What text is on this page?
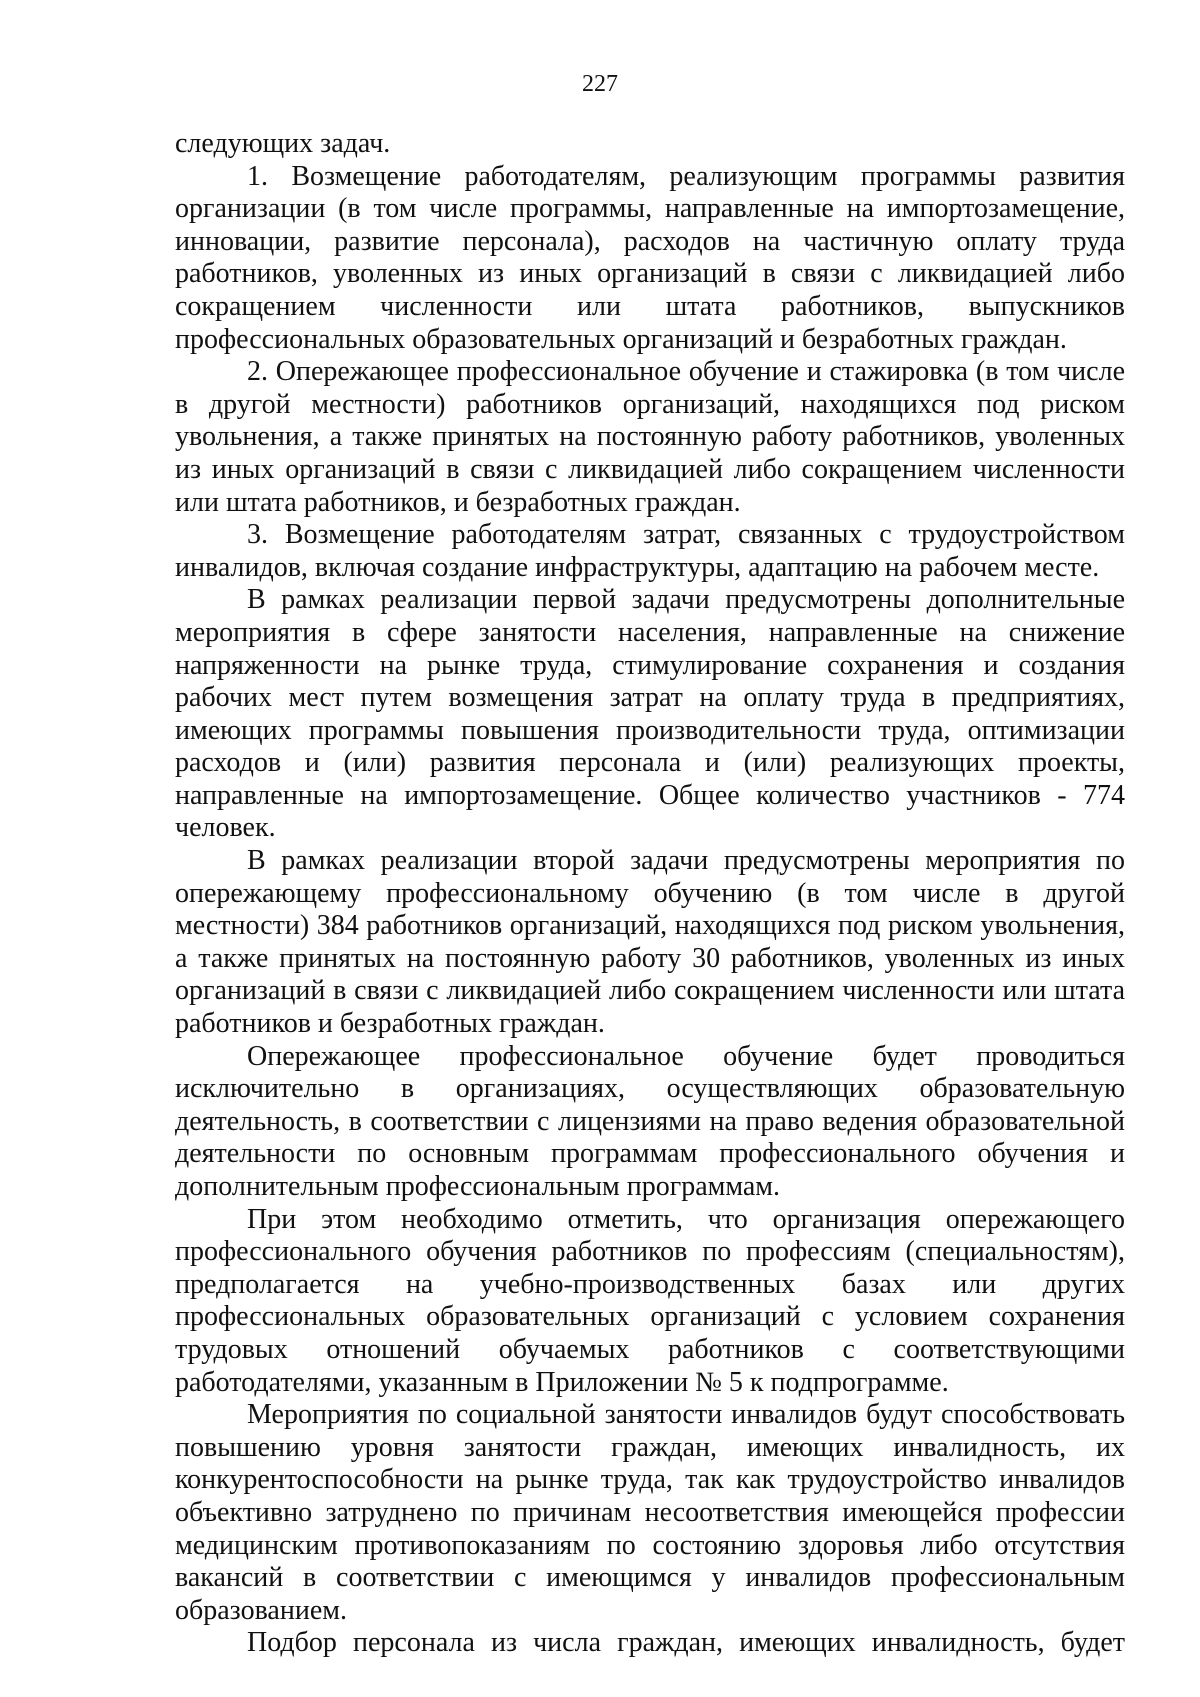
227

следующих задач.

1. Возмещение работодателям, реализующим программы развития организации (в том числе программы, направленные на импортозамещение, инновации, развитие персонала), расходов на частичную оплату труда работников, уволенных из иных организаций в связи с ликвидацией либо сокращением численности или штата работников, выпускников профессиональных образовательных организаций и безработных граждан.

2. Опережающее профессиональное обучение и стажировка (в том числе в другой местности) работников организаций, находящихся под риском увольнения, а также принятых на постоянную работу работников, уволенных из иных организаций в связи с ликвидацией либо сокращением численности или штата работников, и безработных граждан.

3. Возмещение работодателям затрат, связанных с трудоустройством инвалидов, включая создание инфраструктуры, адаптацию на рабочем месте.

В рамках реализации первой задачи предусмотрены дополнительные мероприятия в сфере занятости населения, направленные на снижение напряженности на рынке труда, стимулирование сохранения и создания рабочих мест путем возмещения затрат на оплату труда в предприятиях, имеющих программы повышения производительности труда, оптимизации расходов и (или) развития персонала и (или) реализующих проекты, направленные на импортозамещение. Общее количество участников - 774 человек.

В рамках реализации второй задачи предусмотрены мероприятия по опережающему профессиональному обучению (в том числе в другой местности) 384 работников организаций, находящихся под риском увольнения, а также принятых на постоянную работу 30 работников, уволенных из иных организаций в связи с ликвидацией либо сокращением численности или штата работников и безработных граждан.

Опережающее профессиональное обучение будет проводиться исключительно в организациях, осуществляющих образовательную деятельность, в соответствии с лицензиями на право ведения образовательной деятельности по основным программам профессионального обучения и дополнительным профессиональным программам.

При этом необходимо отметить, что организация опережающего профессионального обучения работников по профессиям (специальностям), предполагается на учебно-производственных базах или других профессиональных образовательных организаций с условием сохранения трудовых отношений обучаемых работников с соответствующими работодателями, указанным в Приложении № 5 к подпрограмме.

Мероприятия по социальной занятости инвалидов будут способствовать повышению уровня занятости граждан, имеющих инвалидность, их конкурентоспособности на рынке труда, так как трудоустройство инвалидов объективно затруднено по причинам несоответствия имеющейся профессии медицинским противопоказаниям по состоянию здоровья либо отсутствия вакансий в соответствии с имеющимся у инвалидов профессиональным образованием.

Подбор персонала из числа граждан, имеющих инвалидность, будет
